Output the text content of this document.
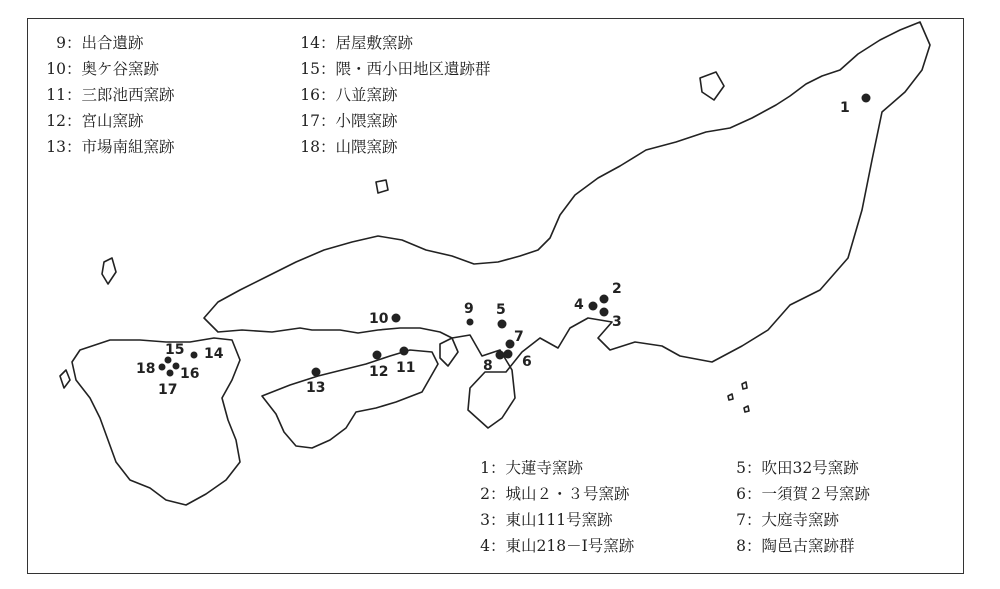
1
2
3
4
5
6
7
8
9
10
11
12
13
14
15
16
17
18
9：出合遺跡
10：奥ケ谷窯跡
11：三郎池西窯跡
12：宮山窯跡
13：市場南組窯跡
14：居屋敷窯跡
15：隈・西小田地区遺跡群
16：八並窯跡
17：小隈窯跡
18：山隈窯跡
1：大蓮寺窯跡
2：城山２・３号窯跡
3：東山111号窯跡
4：東山218－Ⅰ号窯跡
5：吹田32号窯跡
6：一須賀２号窯跡
7：大庭寺窯跡
8：陶邑古窯跡群
